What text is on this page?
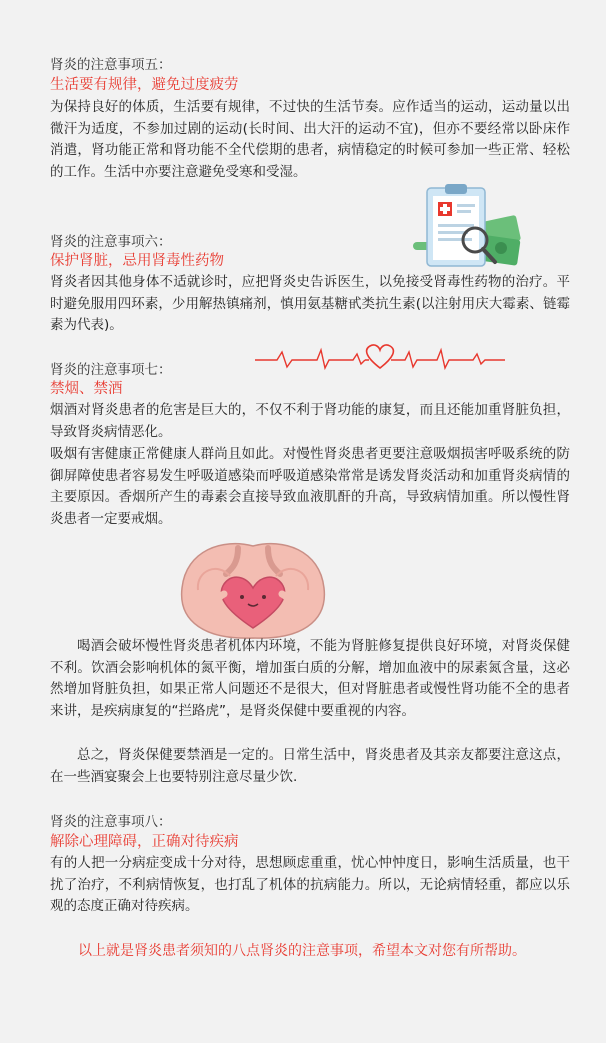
肾炎的注意事项五：
生活要有规律，避免过度疲劳

为保持良好的体质，生活要有规律，不过快的生活节奏。应作适当的运动，运动量以出微汗为适度，不参加过剧的运动(长时间、出大汗的运动不宜)，但亦不要经常以卧床作消遣，肾功能正常和肾功能不全代偿期的患者，病情稳定的时候可参加一些正常、轻松的工作。生活中亦要注意避免受寒和受湿。

肾炎的注意事项六：
保护肾脏，忌用肾毒性药物

肾炎者因其他身体不适就诊时，应把肾炎史告诉医生，以免接受肾毒性药物的治疗。平时避免服用四环素，少用解热镇痛剂，慎用氨基糖甙类抗生素(以注射用庆大霉素、链霉素为代表)。

肾炎的注意事项七：
禁烟、禁酒

烟酒对肾炎患者的危害是巨大的，不仅不利于肾功能的康复，而且还能加重肾脏负担，导致肾炎病情恶化。

吸烟有害健康正常健康人群尚且如此。对慢性肾炎患者更要注意吸烟损害呼吸系统的防御屏障使患者容易发生呼吸道感染而呼吸道感染常常是诱发肾炎活动和加重肾炎病情的主要原因。香烟所产生的毒素会直接导致血液肌酐的升高，导致病情加重。所以慢性肾炎患者一定要戒烟。

喝酒会破坏慢性肾炎患者机体内环境，不能为肾脏修复提供良好环境，对肾炎保健不利。饮酒会影响机体的氮平衡，增加蛋白质的分解，增加血液中的尿素氮含量，这必然增加肾脏负担，如果正常人问题还不是很大，但对肾脏患者或慢性肾功能不全的患者来讲，是疾病康复的“拦路虎”，是肾炎保健中要重视的内容。

总之，肾炎保健要禁酒是一定的。日常生活中，肾炎患者及其亲友都要注意这点，在一些酒宴聚会上也要特别注意尽量少饮.

肾炎的注意事项八：
解除心理障碍，正确对待疾病

有的人把一分病症变成十分对待，思想顾虑重重，忧心忡忡度日，影响生活质量，也干扰了治疗，不利病情恢复，也打乱了机体的抗病能力。所以，无论病情轻重，都应以乐观的态度正确对待疾病。

以上就是肾炎患者须知的八点肾炎的注意事项，希望本文对您有所帮助。
